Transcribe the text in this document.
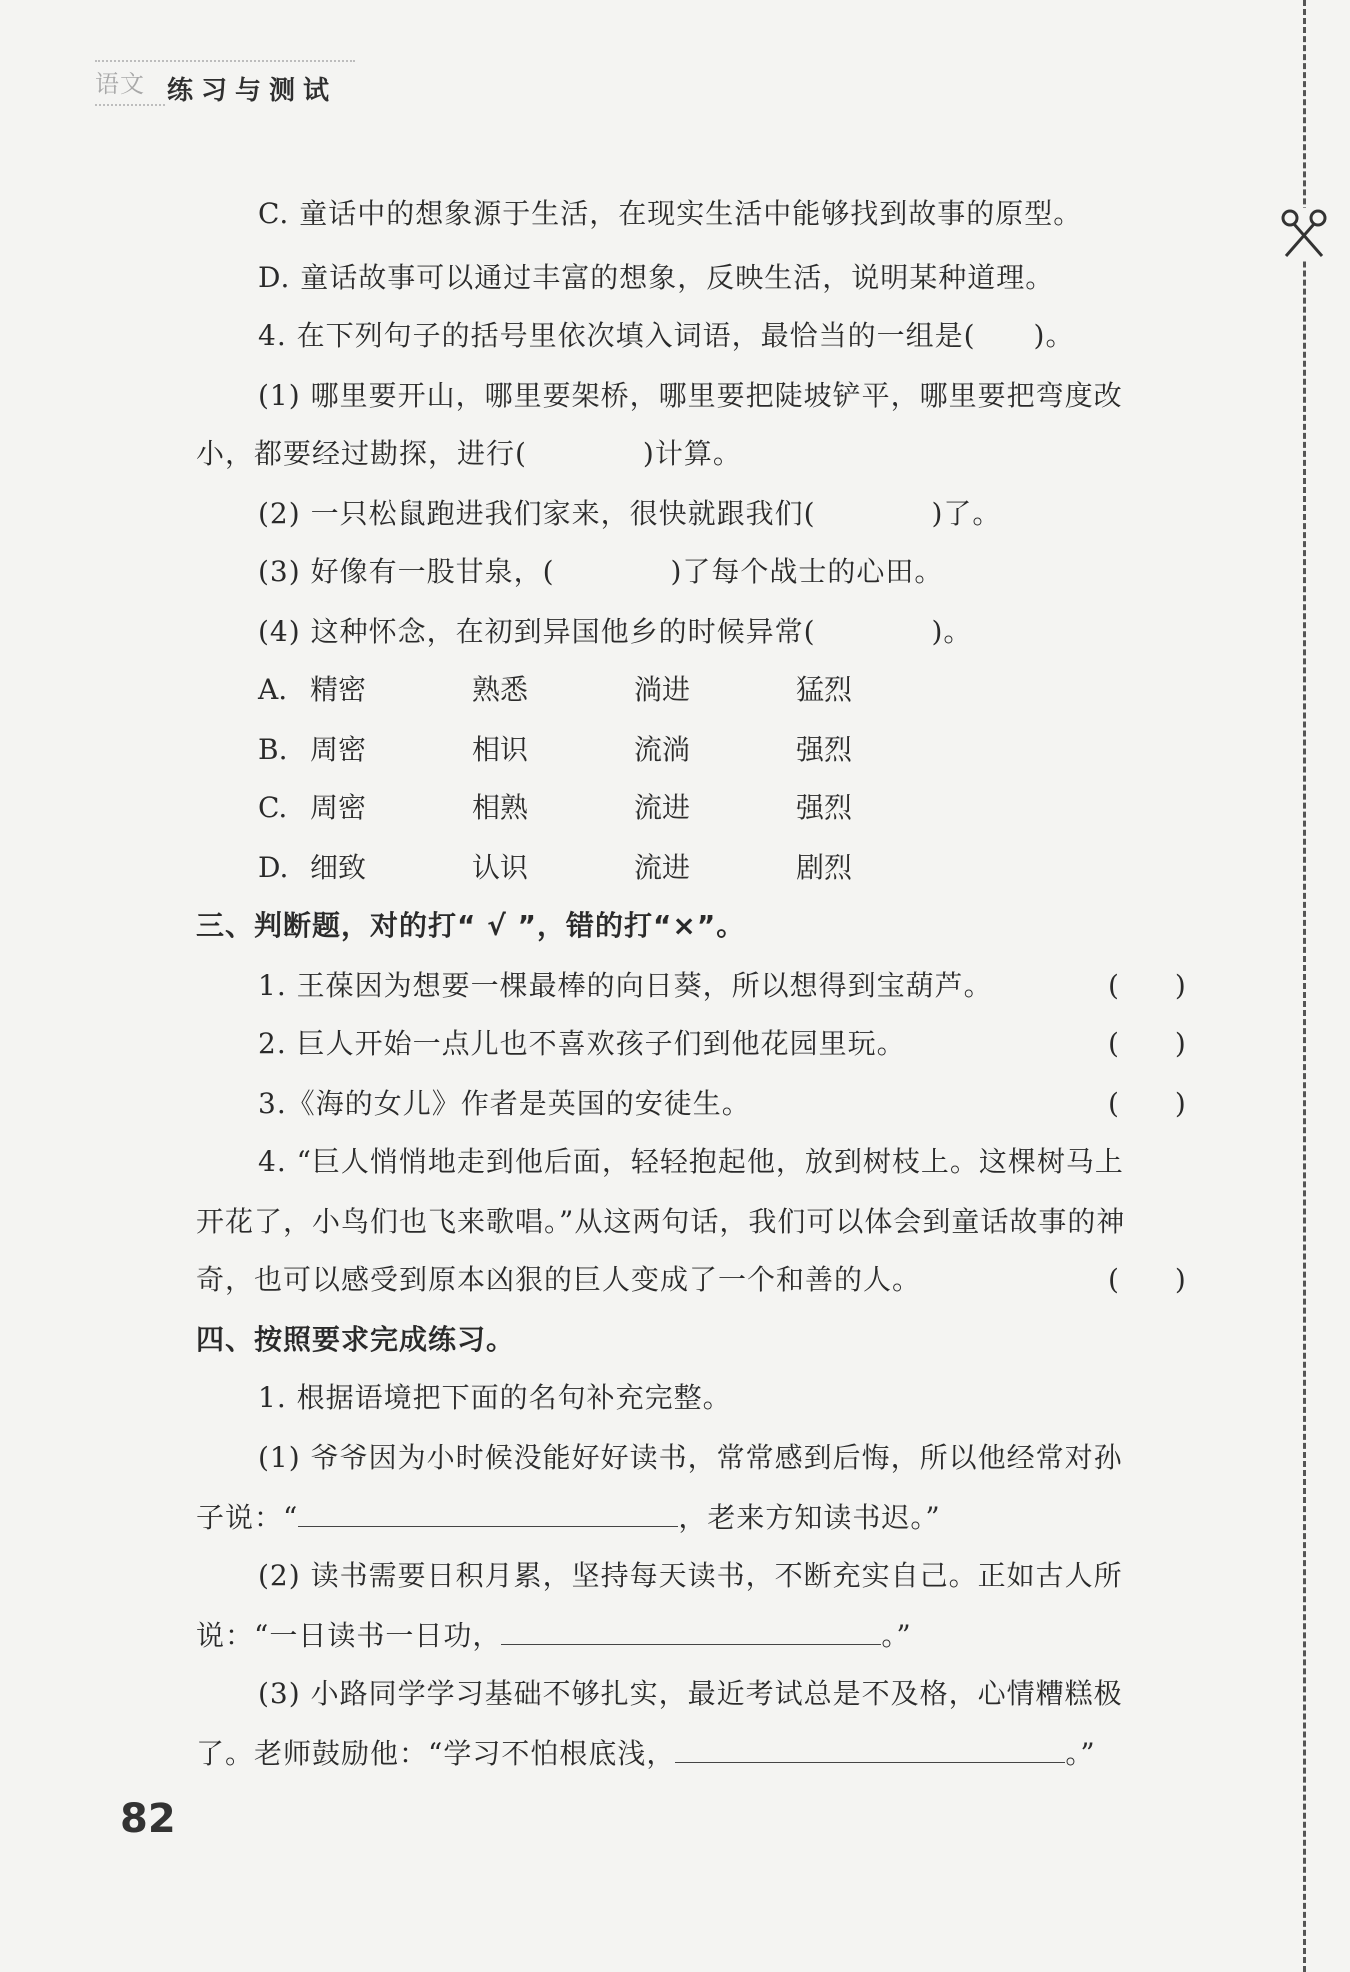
语文 练习与测试
C. 童话中的想象源于生活，在现实生活中能够找到故事的原型。
D. 童话故事可以通过丰富的想象，反映生活，说明某种道理。
4. 在下列句子的括号里依次填入词语，最恰当的一组是(　　)。
(1) 哪里要开山，哪里要架桥，哪里要把陡坡铲平，哪里要把弯度改
小，都要经过勘探，进行(　　　　)计算。
(2) 一只松鼠跑进我们家来，很快就跟我们(　　　　)了。
(3) 好像有一股甘泉，(　　　　)了每个战士的心田。
(4) 这种怀念，在初到异国他乡的时候异常(　　　　)。
A. 精密	熟悉	淌进	猛烈
B. 周密	相识	流淌	强烈
C. 周密	相熟	流进	强烈
D. 细致	认识	流进	剧烈
三、判断题，对的打“ √ ”，错的打“×”。
1. 王葆因为想要一棵最棒的向日葵，所以想得到宝葫芦。	(　　)
2. 巨人开始一点儿也不喜欢孩子们到他花园里玩。	(　　)
3.《海的女儿》作者是英国的安徒生。	(　　)
4. “巨人悄悄地走到他后面，轻轻抱起他，放到树枝上。这棵树马上
开花了，小鸟们也飞来歌唱。”从这两句话，我们可以体会到童话故事的神
奇，也可以感受到原本凶狠的巨人变成了一个和善的人。	(　　)
四、按照要求完成练习。
1. 根据语境把下面的名句补充完整。
(1) 爷爷因为小时候没能好好读书，常常感到后悔，所以他经常对孙
子说：“	，老来方知读书迟。”
(2) 读书需要日积月累，坚持每天读书，不断充实自己。正如古人所
说：“一日读书一日功，	。”
(3) 小路同学学习基础不够扎实，最近考试总是不及格，心情糟糕极
了。老师鼓励他：“学习不怕根底浅，	。”
82
